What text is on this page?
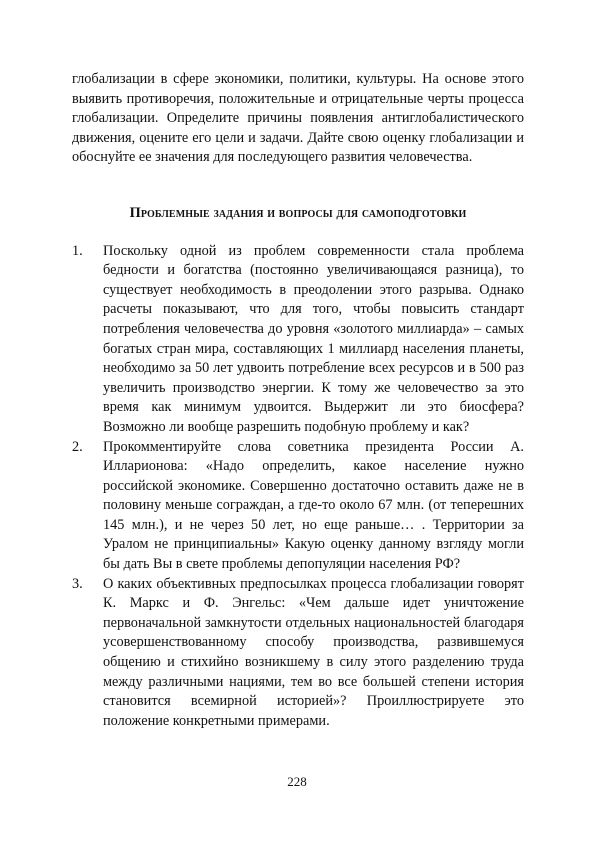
глобализации в сфере экономики, политики, культуры. На основе этого выявить противоречия, положительные и отрицательные черты процесса глобализации. Определите причины появления антиглобалистического движения, оцените его цели и задачи. Дайте свою оценку глобализации и обоснуйте ее значения для последующего развития человечества.

Проблемные задания и вопросы для самоподготовки
1.	Поскольку одной из проблем современности стала проблема бедности и богатства (постоянно увеличивающаяся разница), то существует необходимость в преодолении этого разрыва. Однако расчеты показывают, что для того, чтобы повысить стандарт потребления человечества до уровня «золотого миллиарда» – самых богатых стран мира, составляющих 1 миллиард населения планеты, необходимо за 50 лет удвоить потребление всех ресурсов и в 500 раз увеличить производство энергии. К тому же человечество за это время как минимум удвоится. Выдержит ли это биосфера? Возможно ли вообще разрешить подобную проблему и как?

2.	Прокомментируйте слова советника президента России А. Илларионова: «Надо определить, какое население нужно российской экономике. Совершенно достаточно оставить даже не в половину меньше сограждан, а где-то около 67 млн. (от теперешних 145 млн.), и не через 50 лет, но еще раньше… . Территории за Уралом не принципиальны» Какую оценку данному взгляду могли бы дать Вы в свете проблемы депопуляции населения РФ?

3.	О каких объективных предпосылках процесса глобализации говорят К. Маркс и Ф. Энгельс: «Чем дальше идет уничтожение первоначальной замкнутости отдельных национальностей благодаря усовершенствованному способу производства, развившемуся общению и стихийно возникшему в силу этого разделению труда между различными нациями, тем во все большей степени история становится всемирной историей»? Проиллюстрируете это положение конкретными примерами.

228
